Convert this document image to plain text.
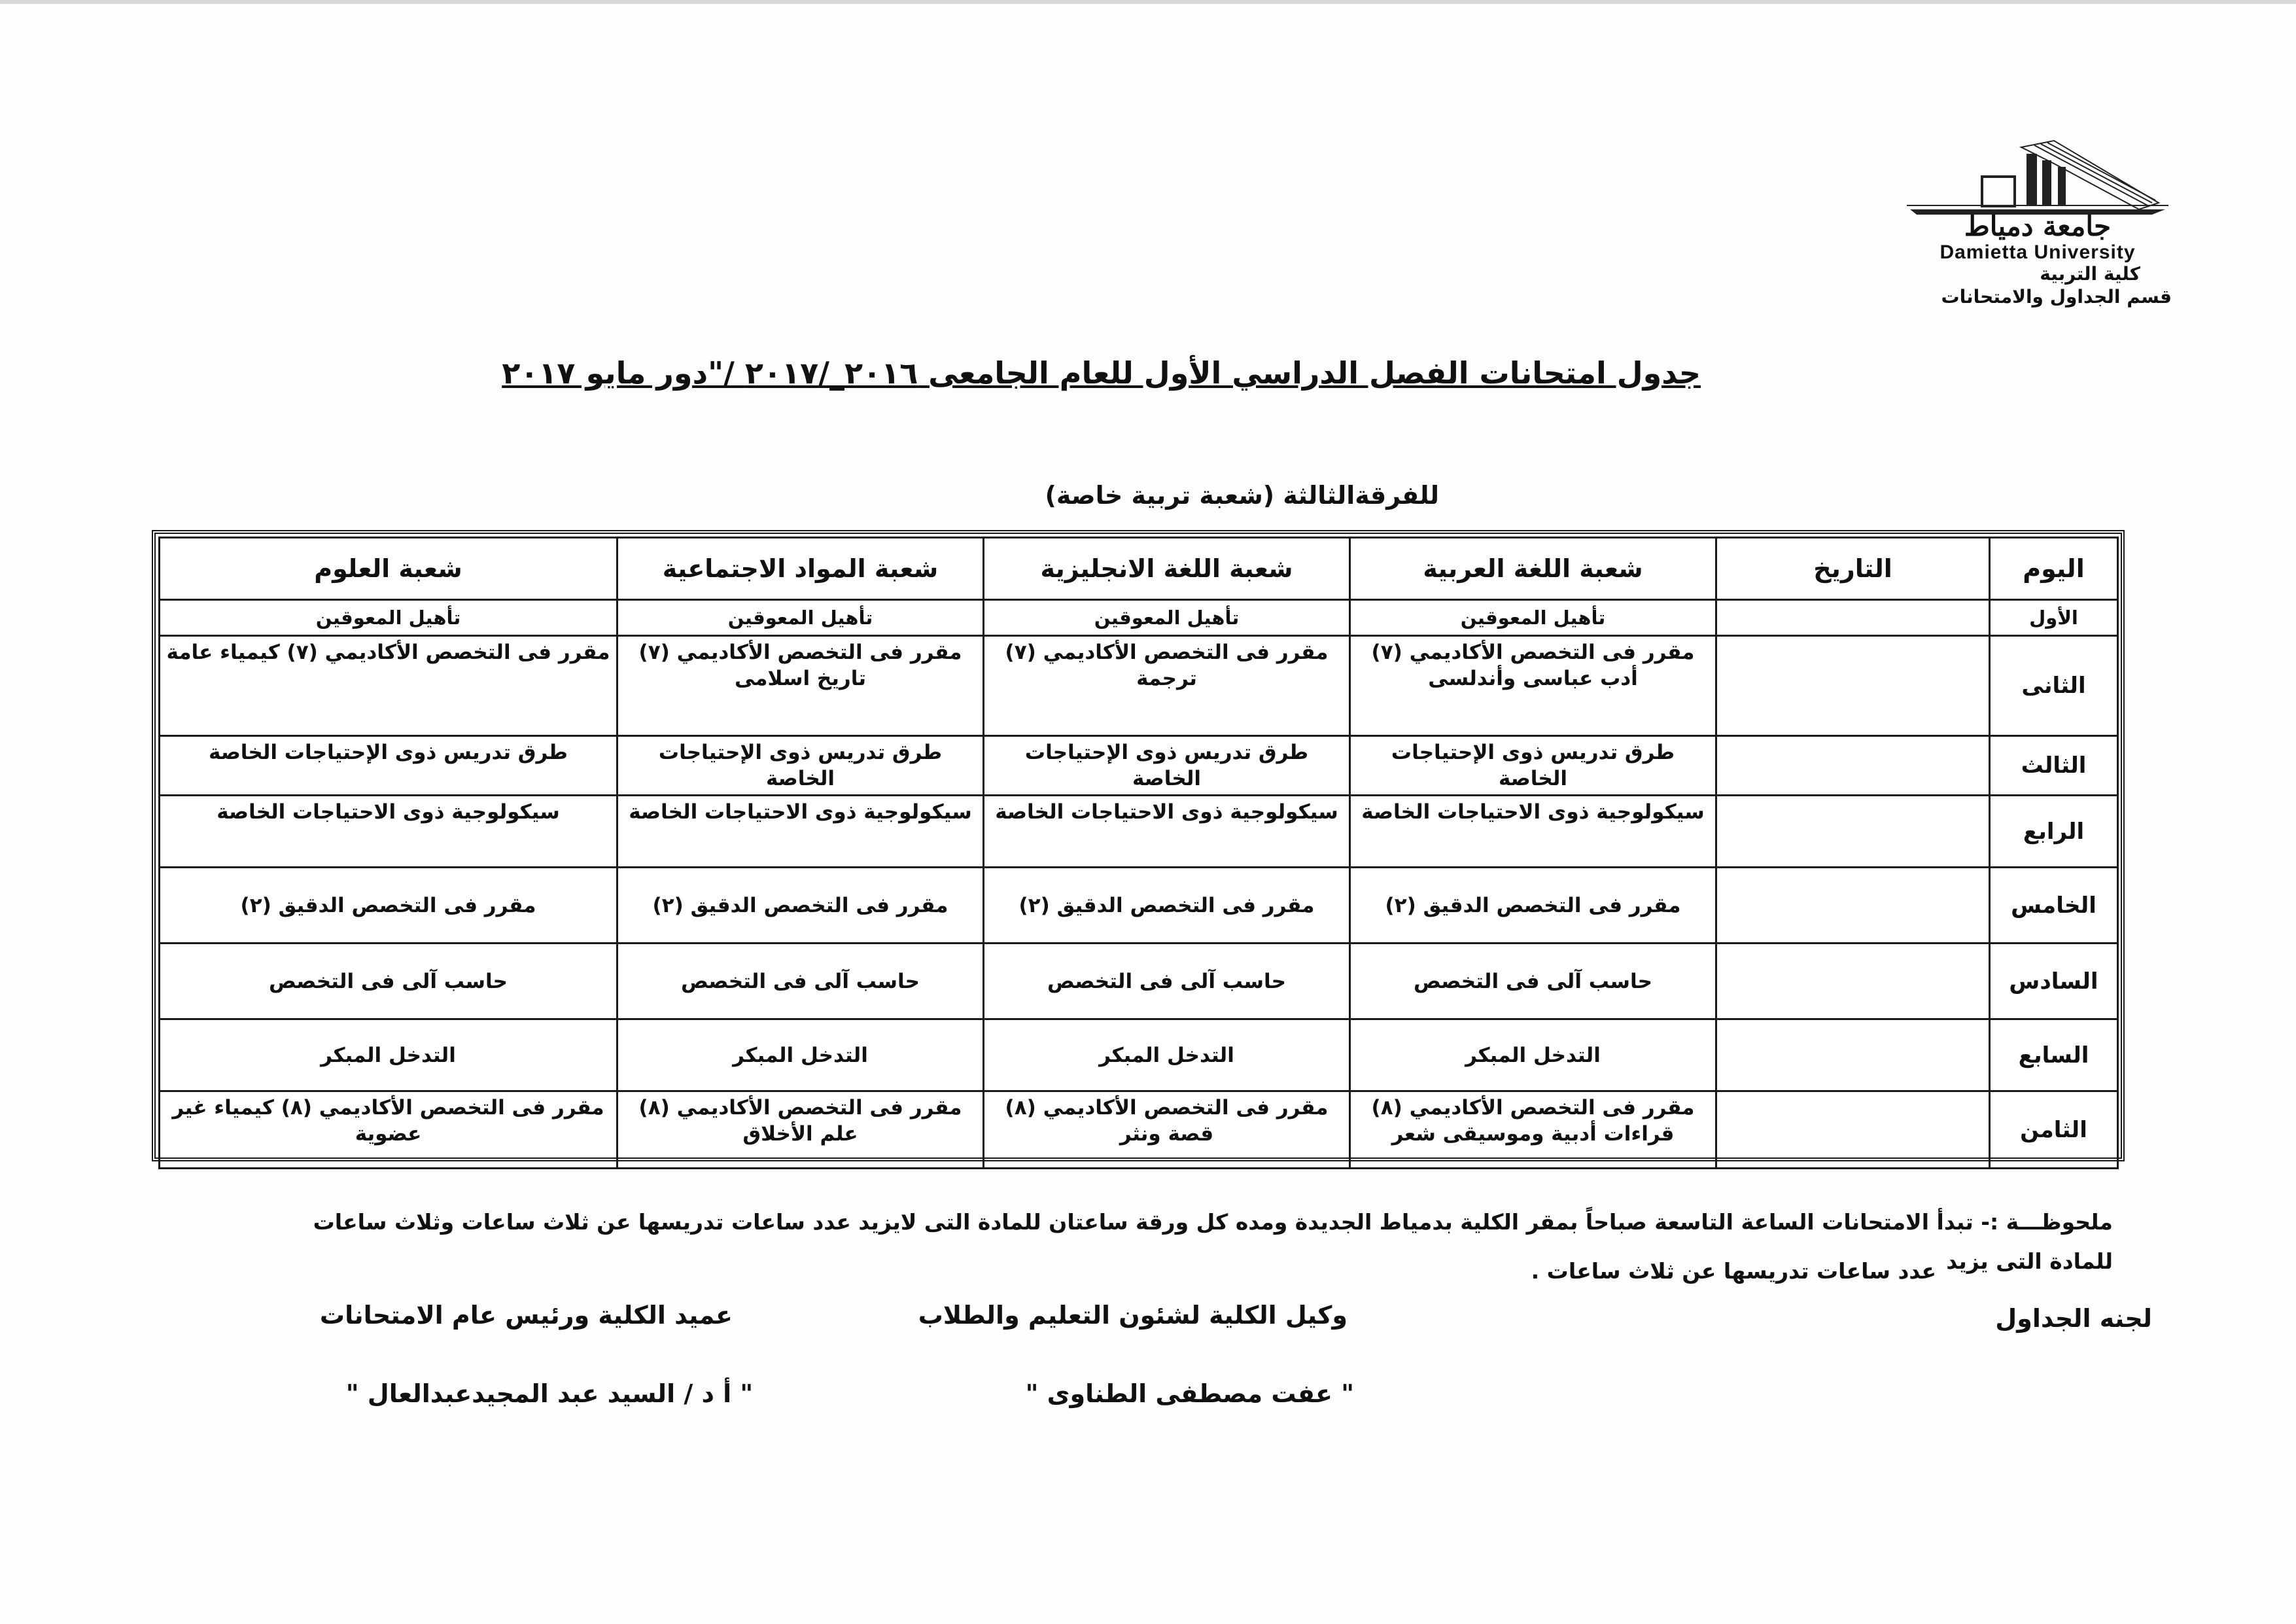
جامعة دمياط
Damietta University
كلية التربية
قسم الجداول والامتحانات
جدول امتحانات الفصل الدراسي الأول للعام الجامعى ٢٠١٦_/٢٠١٧ /"دور مايو ٢٠١٧
للفرقةالثالثة (شعبة تربية خاصة)
اليوم	التاريخ	شعبة اللغة العربية	شعبة اللغة الانجليزية	شعبة المواد الاجتماعية	شعبة العلوم
الأول		تأهيل المعوقين	تأهيل المعوقين	تأهيل المعوقين	تأهيل المعوقين
الثانى		مقرر فى التخصص الأكاديمي (٧) أدب عباسى وأندلسى	مقرر فى التخصص الأكاديمي (٧) ترجمة	مقرر فى التخصص الأكاديمي (٧) تاريخ اسلامى	مقرر فى التخصص الأكاديمي (٧) كيمياء عامة
الثالث		طرق تدريس ذوى الإحتياجات الخاصة	طرق تدريس ذوى الإحتياجات الخاصة	طرق تدريس ذوى الإحتياجات الخاصة	طرق تدريس ذوى الإحتياجات الخاصة
الرابع		سيكولوجية ذوى الاحتياجات الخاصة	سيكولوجية ذوى الاحتياجات الخاصة	سيكولوجية ذوى الاحتياجات الخاصة	سيكولوجية ذوى الاحتياجات الخاصة
الخامس		مقرر فى التخصص الدقيق (٢)	مقرر فى التخصص الدقيق (٢)	مقرر فى التخصص الدقيق (٢)	مقرر فى التخصص الدقيق (٢)
السادس		حاسب آلى فى التخصص	حاسب آلى فى التخصص	حاسب آلى فى التخصص	حاسب آلى فى التخصص
السابع		التدخل المبكر	التدخل المبكر	التدخل المبكر	التدخل المبكر
الثامن		مقرر فى التخصص الأكاديمي (٨) قراءات أدبية وموسيقى شعر	مقرر فى التخصص الأكاديمي (٨) قصة ونثر	مقرر فى التخصص الأكاديمي (٨) علم الأخلاق	مقرر فى التخصص الأكاديمي (٨) كيمياء غير عضوية
ملحوظـــة :- تبدأ الامتحانات الساعة التاسعة صباحاً بمقر الكلية بدمياط الجديدة ومده كل ورقة ساعتان للمادة التى لايزيد عدد ساعات تدريسها عن ثلاث ساعات وثلاث ساعات للمادة التى يزيد
عدد ساعات تدريسها عن ثلاث ساعات .
لجنه الجداول
وكيل الكلية لشئون التعليم والطلاب
عميد الكلية ورئيس عام الامتحانات
" عفت مصطفى الطناوى "
" أ د / السيد عبد المجيدعبدالعال "
